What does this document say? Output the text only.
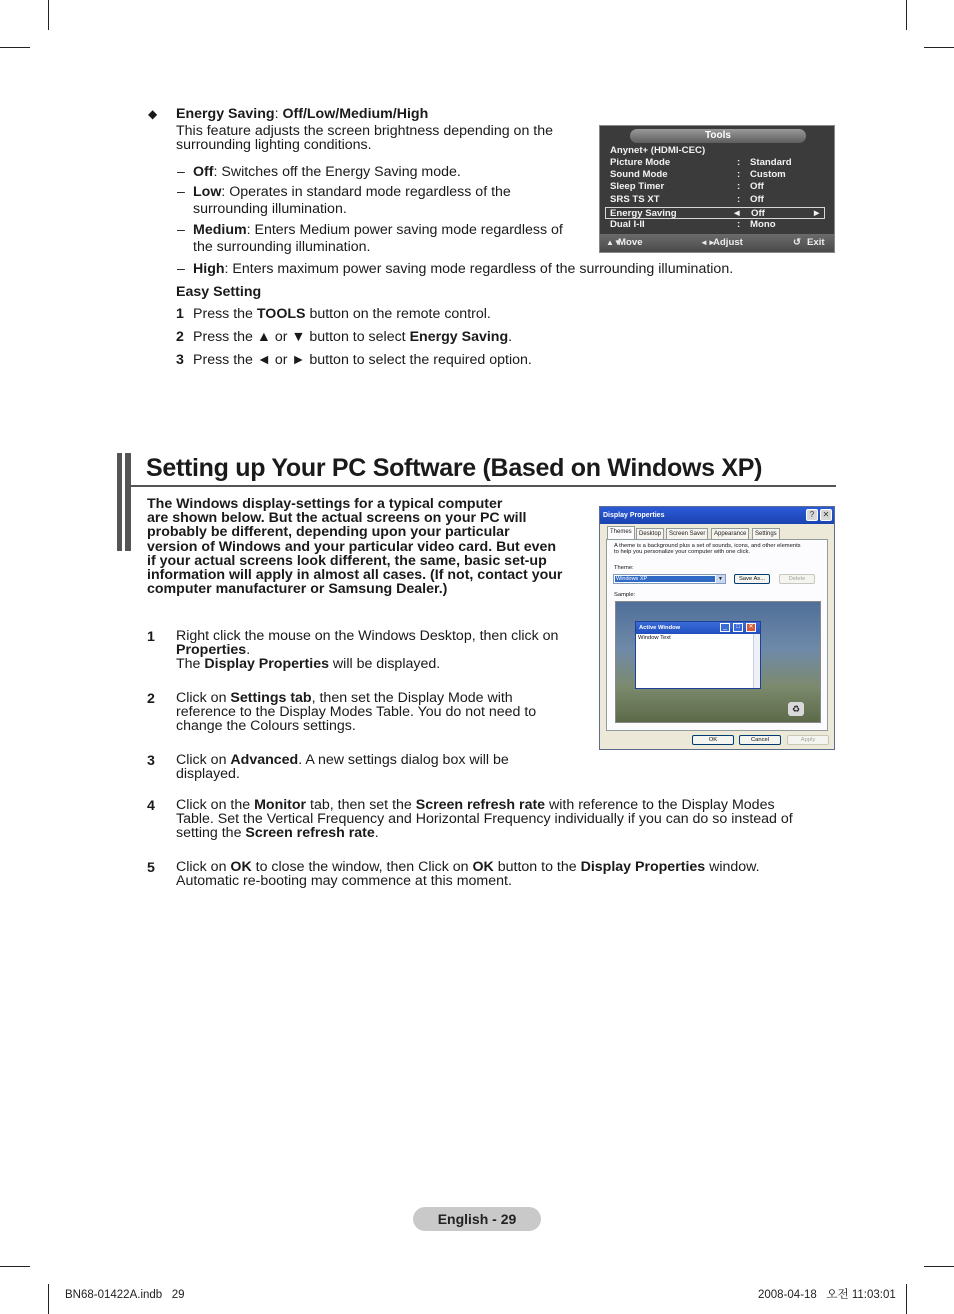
◆ Energy Saving: Off/Low/Medium/High
This feature adjusts the screen brightness depending on the
surrounding lighting conditions.
– Off: Switches off the Energy Saving mode.
– Low: Operates in standard mode regardless of the
surrounding illumination.
– Medium: Enters Medium power saving mode regardless of
the surrounding illumination.
– High: Enters maximum power saving mode regardless of the surrounding illumination.
Easy Setting
1 Press the TOOLS button on the remote control.
2 Press the ▲ or ▼ button to select Energy Saving.
3 Press the ◄ or ► button to select the required option.
Tools
Anynet+ (HDMI-CEC)
Picture Mode	: Standard
Sound Mode	: Custom
Sleep Timer	: Off
SRS TS XT	: Off
Energy Saving	◄ Off	►
Dual I-II	: Mono
▲▼
Move	◄►
Adjust	↺ Exit
Setting up Your PC Software (Based on Windows XP)
The Windows display-settings for a typical computer
are shown below. But the actual screens on your PC will
probably be different, depending upon your particular
version of Windows and your particular video card. But even
if your actual screens look different, the same, basic set-up
information will apply in almost all cases. (If not, contact your
computer manufacturer or Samsung Dealer.)
1 Right click the mouse on the Windows Desktop, then click on
Properties.
The Display Properties will be displayed.
2 Click on Settings tab, then set the Display Mode with
reference to the Display Modes Table. You do not need to
change the Colours settings.
3 Click on Advanced. A new settings dialog box will be
displayed.
4 Click on the Monitor tab, then set the Screen refresh rate with reference to the Display Modes
Table. Set the Vertical Frequency and Horizontal Frequency individually if you can do so instead of
setting the Screen refresh rate.
5 Click on OK to close the window, then Click on OK button to the Display Properties window.
Automatic re-booting may commence at this moment.
Display Properties	?	✕
Themes	Desktop	Screen Saver	Appearance	Settings
A theme is a background plus a set of sounds, icons, and other elements
to help you personalize your computer with one click.
Theme:
Windows XP	▼	Save As...	Delete
Sample:
Active Window	_	□	✕
Window Text
♻
OK	Cancel	Apply
English - 29
BN68-01422A.indb   29	2008-04-18   오전 11:03:01
